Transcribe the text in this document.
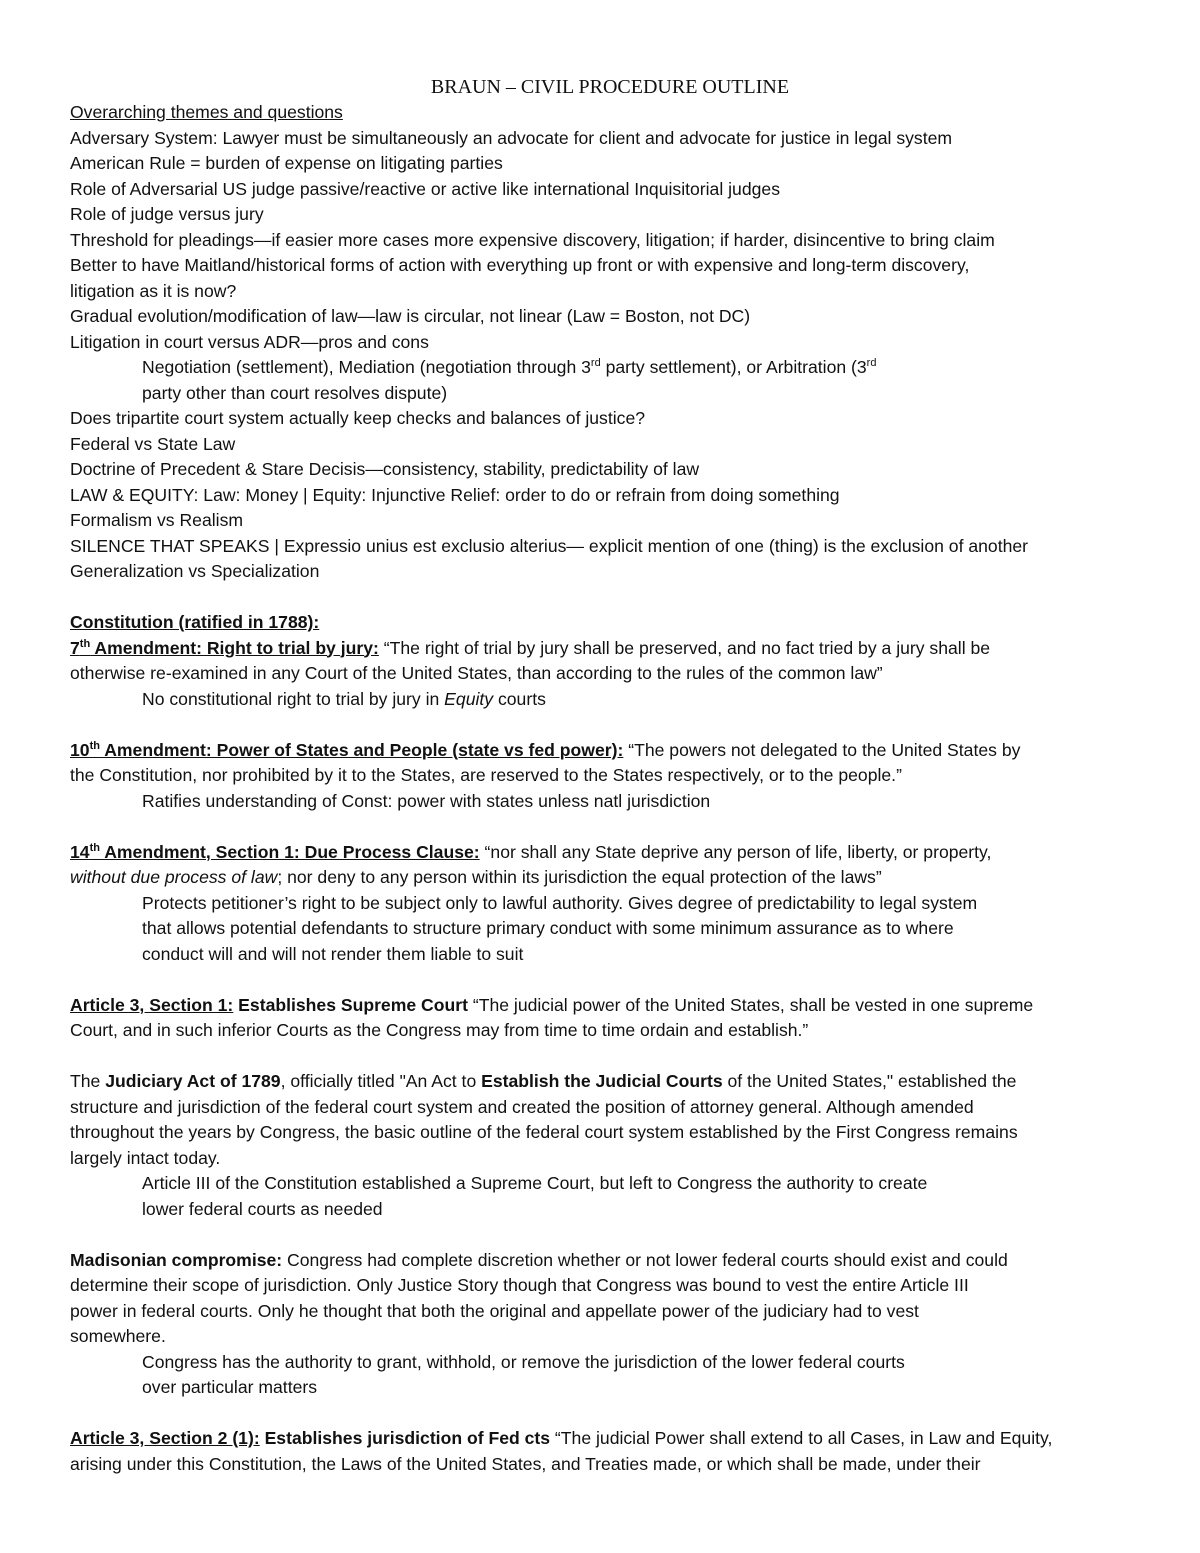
BRAUN – CIVIL PROCEDURE OUTLINE
Overarching themes and questions
Adversary System: Lawyer must be simultaneously an advocate for client and advocate for justice in legal system
American Rule = burden of expense on litigating parties
Role of Adversarial US judge passive/reactive or active like international Inquisitorial judges
Role of judge versus jury
Threshold for pleadings—if easier more cases more expensive discovery, litigation; if harder, disincentive to bring claim
Better to have Maitland/historical forms of action with everything up front or with expensive and long-term discovery,
litigation as it is now?
Gradual evolution/modification of law—law is circular, not linear (Law = Boston, not DC)
Litigation in court versus ADR—pros and cons
Negotiation (settlement), Mediation (negotiation through 3rd party settlement), or Arbitration (3rd
party other than court resolves dispute)
Does tripartite court system actually keep checks and balances of justice?
Federal vs State Law
Doctrine of Precedent & Stare Decisis—consistency, stability, predictability of law
LAW & EQUITY: Law: Money | Equity: Injunctive Relief: order to do or refrain from doing something
Formalism vs Realism
SILENCE THAT SPEAKS | Expressio unius est exclusio alterius— explicit mention of one (thing) is the exclusion of another
Generalization vs Specialization
Constitution (ratified in 1788):
7th Amendment: Right to trial by jury: “The right of trial by jury shall be preserved, and no fact tried by a jury shall be
otherwise re-examined in any Court of the United States, than according to the rules of the common law”
No constitutional right to trial by jury in Equity courts
10th Amendment: Power of States and People (state vs fed power): “The powers not delegated to the United States by
the Constitution, nor prohibited by it to the States, are reserved to the States respectively, or to the people.”
Ratifies understanding of Const: power with states unless natl jurisdiction
14th Amendment, Section 1: Due Process Clause: “nor shall any State deprive any person of life, liberty, or property,
without due process of law; nor deny to any person within its jurisdiction the equal protection of the laws”
Protects petitioner’s right to be subject only to lawful authority. Gives degree of predictability to legal system
that allows potential defendants to structure primary conduct with some minimum assurance as to where
conduct will and will not render them liable to suit
Article 3, Section 1: Establishes Supreme Court “The judicial power of the United States, shall be vested in one supreme
Court, and in such inferior Courts as the Congress may from time to time ordain and establish.”
The Judiciary Act of 1789, officially titled "An Act to Establish the Judicial Courts of the United States," established the
structure and jurisdiction of the federal court system and created the position of attorney general. Although amended
throughout the years by Congress, the basic outline of the federal court system established by the First Congress remains
largely intact today.
Article III of the Constitution established a Supreme Court, but left to Congress the authority to create
lower federal courts as needed
Madisonian compromise: Congress had complete discretion whether or not lower federal courts should exist and could
determine their scope of jurisdiction. Only Justice Story though that Congress was bound to vest the entire Article III
power in federal courts. Only he thought that both the original and appellate power of the judiciary had to vest
somewhere.
Congress has the authority to grant, withhold, or remove the jurisdiction of the lower federal courts
over particular matters
Article 3, Section 2 (1): Establishes jurisdiction of Fed cts “The judicial Power shall extend to all Cases, in Law and Equity,
arising under this Constitution, the Laws of the United States, and Treaties made, or which shall be made, under their
